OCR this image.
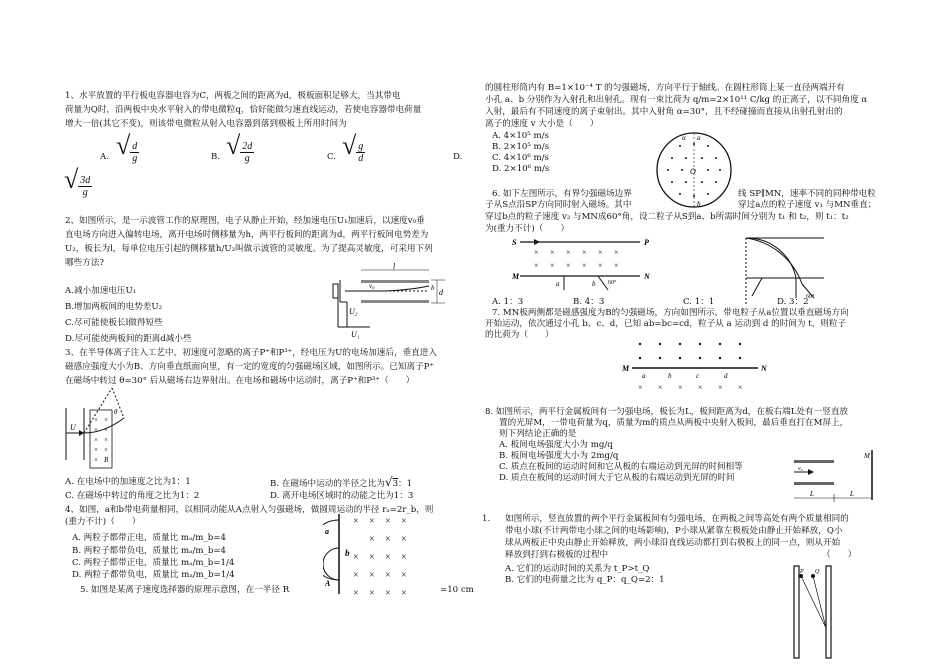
1、水平放置的平行板电容器电容为C，两板之间的距离为d，极板面积足够大，当其带电
荷量为Q时，沿两板中央水平射入的带电微粒q，恰好能做匀速直线运动，若使电容器带电荷量
增大一倍(其它不变)，则该带电微粒从射入电容器到落到极板上所用时间为
A. √ $\frac{d}{g}$	B. √ $\frac{2d}{g}$	C. √ $\frac{g}{d}$	D.
√ $\frac{3d}{g}$
2、如图所示，是一示波管工作的原理图，电子从静止开始，经加速电压U₁加速后，以速度v₀垂
直电场方向进入偏转电场，离开电场时侧移量为h，两平行板间的距离为d，两平行板间电势差为
U₂，板长为l，每单位电压引起的侧移量h/U₂叫做示波管的灵敏度。为了提高灵敏度，可采用下列
哪些方法?
A.减小加速电压U₁
B.增加两板间的电势差U₂
C.尽可能使板长l做得短些
D.尽可能使两板间的距离d减小些	U₁
l
v₀
d
h
U₂
3、在半导体离子注入工艺中，初速度可忽略的离子P⁺和P³⁺，经电压为U的电场加速后，垂直进入
磁感应强度大小为B、方向垂直纸面向里，有一定的宽度的匀强磁场区域，如图所示。已知离子P⁺
在磁场中转过 θ=30° 后从磁场右边界射出。在电场和磁场中运动时，离子P⁺和P³⁺（　　）
U
× ×
× ×
× ×
× ×
× B
θ
A. 在电场中的加速度之比为1：1	B. 在磁场中运动的半径之比为√3：1
C. 在磁场中转过的角度之比为1：2	D. 离开电场区域时的动能之比为1：3
4、如图，a和b带电荷量相同，以相同动能从A点射入匀强磁场，做圆周运动的半径 rₐ=2r_b，则
(重力不计)（　　）
A. 两粒子都带正电，质量比 mₐ/m_b=4
B. 两粒子都带负电，质量比 mₐ/m_b=4
C. 两粒子都带正电，质量比 mₐ/m_b=1/4
D. 两粒子都带负电，质量比 mₐ/m_b=1/4
× × × ×
× × ×
× × × ×
× × × ×
× × × ×
A
a
b
5. 如图是某离子速度选择器的原理示意图，在一半径 R	=10 cm
的圆柱形筒内有 B=1×10⁻⁴ T 的匀强磁场，方向平行于轴线。在圆柱形筒上某一直径两端开有
小孔 a、b 分别作为入射孔和出射孔。现有一束比荷为 q/m=2×10¹¹ C/kg 的正离子，以不同角度 α
入射，最后有不同速度的离子束射出。其中入射角 α=30°，且不经碰撞而直接从出射孔射出的
离子的速度 v 大小是（　　）
A. 4×10⁵ m/s
B. 2×10⁵ m/s
C. 4×10⁶ m/s
D. 2×10⁶ m/s	O
a
b
α
6. 如下左图所示，有界匀强磁场边界	线 SP∥MN，速率不同的同种带电粒
子从S点沿SP方向同时射入磁场。其中	穿过a点的粒子速度 v₁ 与MN垂直；
穿过b点的粒子速度 v₂ 与MN成60°角，设二粒子从S到a、b所需时间分别为 t₁ 和 t₂，则 t₁：t₂
为(重力不计)（　　）
S	P
M	N
× × × × × ×
× × × × × ×
a	b 60°
60°
A. 1：3	B. 4：3	C. 1：1	D. 3：2
7. MN板两侧都是磁感强度为B的匀强磁场，方向如图所示，带电粒子从a位置以垂直磁场方向
开始运动，依次通过小孔 b、c、d，已知 ab=bc=cd，粒子从 a 运动到 d 的时间为 t，则粒子
的比荷为（　　）
M	N
a	b	c	d
× × × × × ×
8. 如图所示，两平行金属板间有一匀强电场，板长为L，板间距离为d，在板右端L处有一竖直放
置的光屏M，一带电荷量为q，质量为m的质点从两板中央射入板间，最后垂直打在M屏上，
则下列结论正确的是
A. 板间电场强度大小为 mg/q
B. 板间电场强度大小为 2mg/q
C. 质点在板间的运动时间和它从板的右端运动到光屏的时间相等
D. 质点在板间的运动时间大于它从板的右端运动到光屏的时间
v₀
M
L	L
1. 如图所示，竖直放置的两个平行金属板间有匀强电场，在两板之间等高处有两个质量相同的
带电小球(不计两带电小球之间的电场影响)，P小球从紧靠左极板处由静止开始释放，Q小
球从两板正中央由静止开始释放，两小球沿直线运动都打到右极板上的同一点，则从开始
释放到打到右极板的过程中	（　　）
A. 它们的运动时间的关系为 t_P>t_Q
B. 它们的电荷量之比为 q_P：q_Q=2：1
P Q
